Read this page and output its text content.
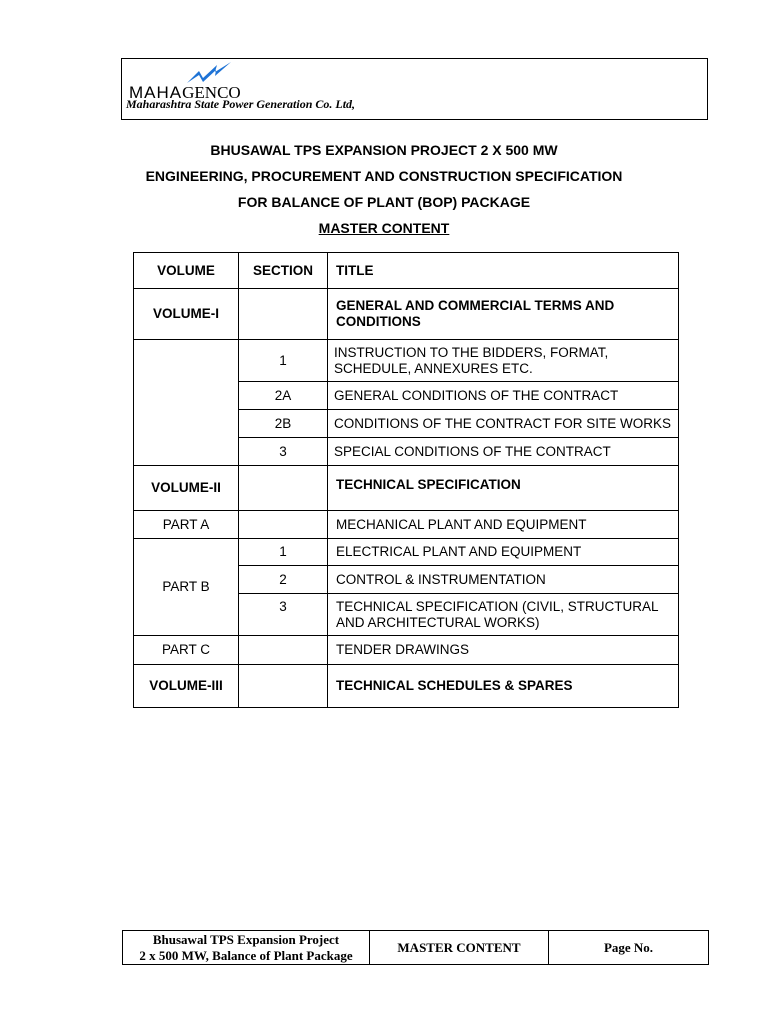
MAHAGENCO
Maharashtra State Power Generation Co. Ltd,
BHUSAWAL TPS EXPANSION PROJECT 2 X 500 MW
ENGINEERING, PROCUREMENT AND CONSTRUCTION SPECIFICATION
FOR BALANCE OF PLANT (BOP) PACKAGE
MASTER CONTENT
VOLUME	SECTION	TITLE
VOLUME-I		GENERAL AND COMMERCIAL TERMS AND CONDITIONS
	1	INSTRUCTION TO THE BIDDERS, FORMAT, SCHEDULE, ANNEXURES ETC.
	2A	GENERAL CONDITIONS OF THE CONTRACT
	2B	CONDITIONS OF THE CONTRACT FOR SITE WORKS
	3	SPECIAL CONDITIONS OF THE CONTRACT
VOLUME-II		TECHNICAL SPECIFICATION
PART A		MECHANICAL PLANT AND EQUIPMENT
PART B	1	ELECTRICAL PLANT AND EQUIPMENT
	2	CONTROL & INSTRUMENTATION
	3	TECHNICAL SPECIFICATION (CIVIL, STRUCTURAL AND ARCHITECTURAL WORKS)
PART C		TENDER DRAWINGS
VOLUME-III		TECHNICAL SCHEDULES & SPARES
Bhusawal TPS Expansion Project
2 x 500 MW, Balance of Plant Package
MASTER CONTENT	Page No.
